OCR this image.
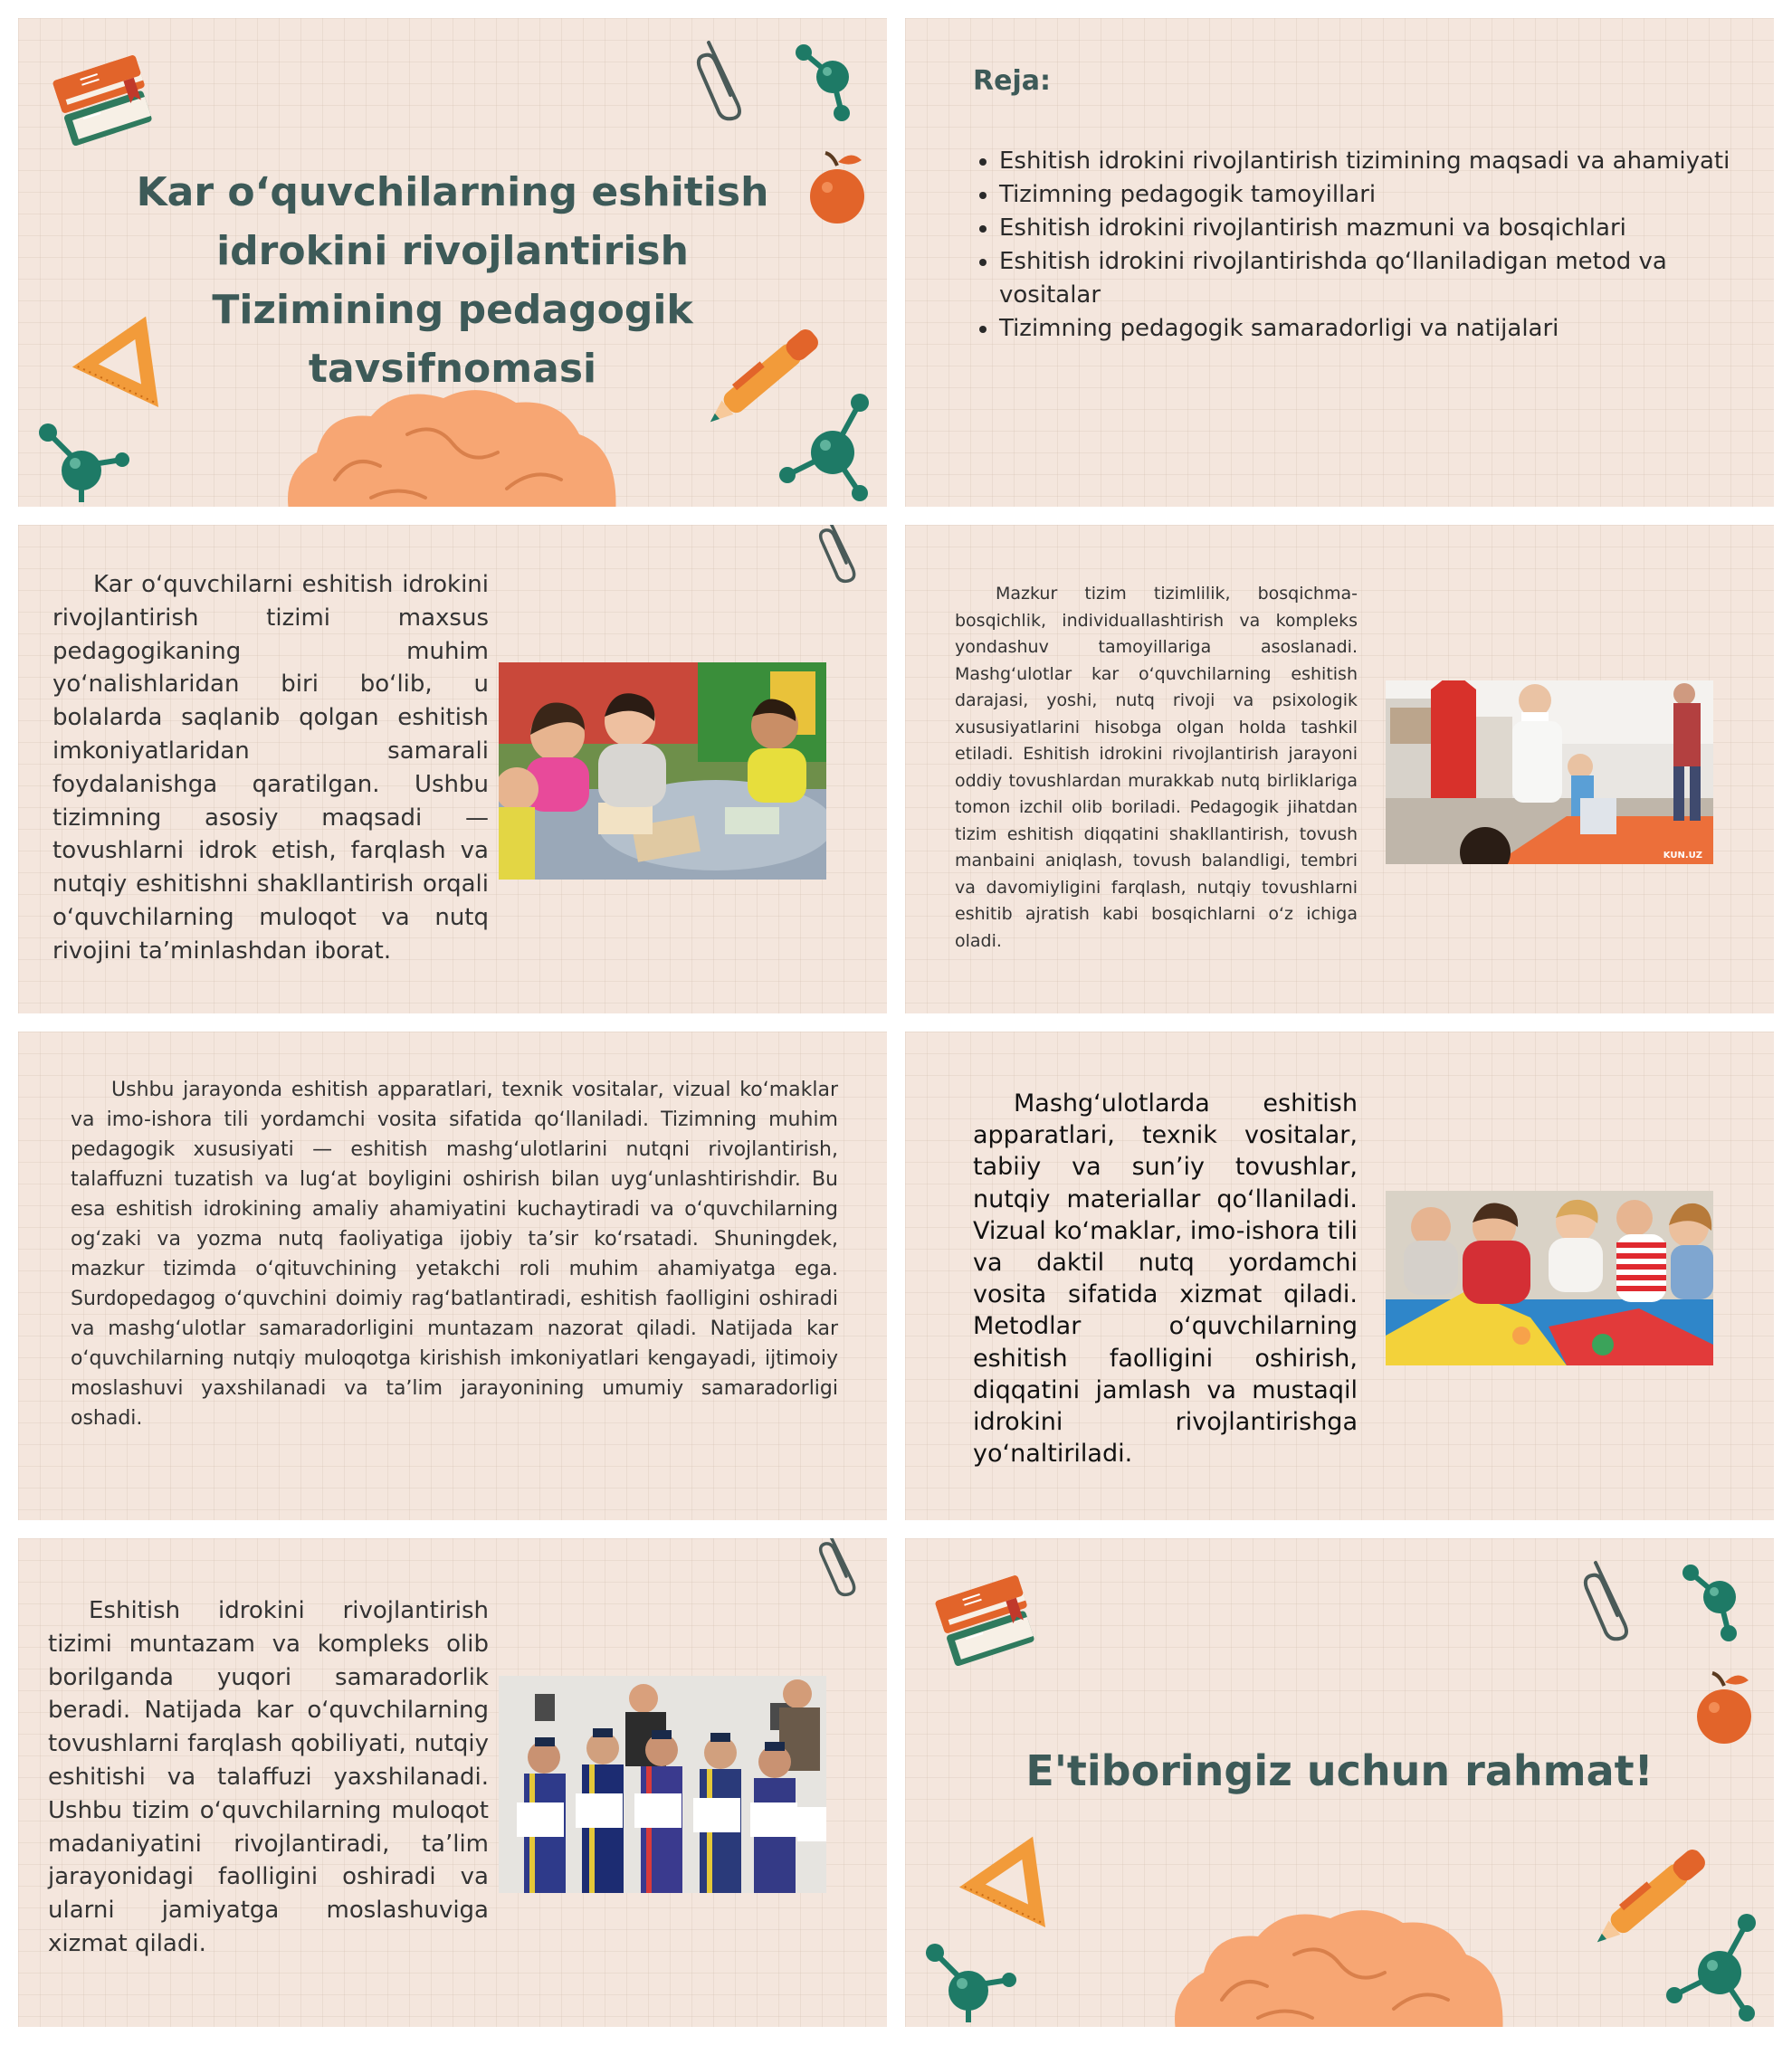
Kar oʻquvchilarning eshitish
idrokini rivojlantirish
Tizimining pedagogik
tavsifnomasi
Reja:
• Eshitish idrokini rivojlantirish tizimining maqsadi va ahamiyati
• Tizimning pedagogik tamoyillari
• Eshitish idrokini rivojlantirish mazmuni va bosqichlari
• Eshitish idrokini rivojlantirishda qoʻllaniladigan metod va vositalar
• Tizimning pedagogik samaradorligi va natijalari

Kar oʻquvchilarni eshitish idrokini rivojlantirish tizimi maxsus pedagogikaning muhim yoʻnalishlaridan biri boʻlib, u bolalarda saqlanib qolgan eshitish imkoniyatlaridan samarali foydalanishga qaratilgan. Ushbu tizimning asosiy maqsadi — tovushlarni idrok etish, farqlash va nutqiy eshitishni shakllantirish orqali oʻquvchilarning muloqot va nutq rivojini taʼminlashdan iborat.

Mazkur tizim tizimlilik, bosqichma-bosqichlik, individuallashtirish va kompleks yondashuv tamoyillariga asoslanadi. Mashgʻulotlar kar oʻquvchilarning eshitish darajasi, yoshi, nutq rivoji va psixologik xususiyatlarini hisobga olgan holda tashkil etiladi. Eshitish idrokini rivojlantirish jarayoni oddiy tovushlardan murakkab nutq birliklariga tomon izchil olib boriladi. Pedagogik jihatdan tizim eshitish diqqatini shakllantirish, tovush manbaini aniqlash, tovush balandligi, tembri va davomiyligini farqlash, nutqiy tovushlarni eshitib ajratish kabi bosqichlarni oʻz ichiga oladi.

KUN.UZ

Ushbu jarayonda eshitish apparatlari, texnik vositalar, vizual koʻmaklar va imo-ishora tili yordamchi vosita sifatida qoʻllaniladi. Tizimning muhim pedagogik xususiyati — eshitish mashgʻulotlarini nutqni rivojlantirish, talaffuzni tuzatish va lugʻat boyligini oshirish bilan uygʻunlashtirishdir. Bu esa eshitish idrokining amaliy ahamiyatini kuchaytiradi va oʻquvchilarning ogʻzaki va yozma nutq faoliyatiga ijobiy taʼsir koʻrsatadi. Shuningdek, mazkur tizimda oʻqituvchining yetakchi roli muhim ahamiyatga ega. Surdopedagog oʻquvchini doimiy ragʻbatlantiradi, eshitish faolligini oshiradi va mashgʻulotlar samaradorligini muntazam nazorat qiladi. Natijada kar oʻquvchilarning nutqiy muloqotga kirishish imkoniyatlari kengayadi, ijtimoiy moslashuvi yaxshilanadi va taʼlim jarayonining umumiy samaradorligi oshadi.

Mashgʻulotlarda eshitish apparatlari, texnik vositalar, tabiiy va sunʼiy tovushlar, nutqiy materiallar qoʻllaniladi. Vizual koʻmaklar, imo-ishora tili va daktil nutq yordamchi vosita sifatida xizmat qiladi. Metodlar oʻquvchilarning eshitish faolligini oshirish, diqqatini jamlash va mustaqil idrokini rivojlantirishga yoʻnaltiriladi.

Eshitish idrokini rivojlantirish tizimi muntazam va kompleks olib borilganda yuqori samaradorlik beradi. Natijada kar oʻquvchilarning tovushlarni farqlash qobiliyati, nutqiy eshitishi va talaffuzi yaxshilanadi. Ushbu tizim oʻquvchilarning muloqot madaniyatini rivojlantiradi, taʼlim jarayonidagi faolligini oshiradi va ularni jamiyatga moslashuviga xizmat qiladi.

E'tiboringiz uchun rahmat!
